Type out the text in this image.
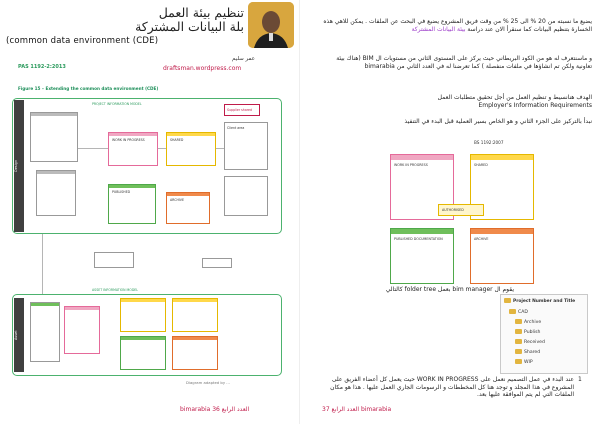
تنظيم بيئة العمل
بلة البيانات المشتركة
(common data environment (CDE)
عمر سليم
draftsman.wordpress.com
PAS 1192-2:2013
Figure 15 – Extending the common data environment (CDE)
Design
PROJECT INFORMATION MODEL
WORK IN PROGRESS	SHARED
PUBLISHED
ARCHIVE
Supplier shared
Client area
Asset
ASSET INFORMATION MODEL
Diagram adapted by ...
bimarabia العدد الرابع 36
يضيع ما نسبته من 20 % الى 25 % من وقت فريق المشروع يضيع في البحث عن الملفات . يمكن للاهي هذه الخسارة بتنظيم البيانات كما سنقرأ الان عند دراسة بيئة البيانات المشتركة
و ماسنتعرف له هو من الكود البريطاني حيث يركز على المستوى الثاني من مستويات ال BIM (هناك بيئة تعاونية ولكن تم انشاؤها في ملفات منفصلة ) كما تعرضنا له في العدد الثاني من bimarabia
الهدف هنانسيط و تنظيم العمل من أجل تحقيق متطلبات العمل
Employer's Information Requirements
نبدأ بالتركيز على الجزء الثاني و هو الخاص بسير العملية قبل البدء في التنفيذ
BS 1192:2007
WORK IN PROGRESS	SHARED
AUTHORISED
PUBLISHED DOCUMENTATION	ARCHIVE
يقوم ال bim manager بعمل folder tree كالتالي
Project Number and Title
CAD
Archive
Publish
Received
Shared
WIP
1
عند البدء في عمل التصميم نعمل على WORK IN PROGRESS حيث يعمل كل أعضاء الفريق على المشروع في هذا المجلد و توجد هنا كل المخططات و الرسومات الجاري العمل عليها . هذا هو مكان الملفات التي لم يتم الموافقة عليها بعد.
العدد الرابع 37 bimarabia
